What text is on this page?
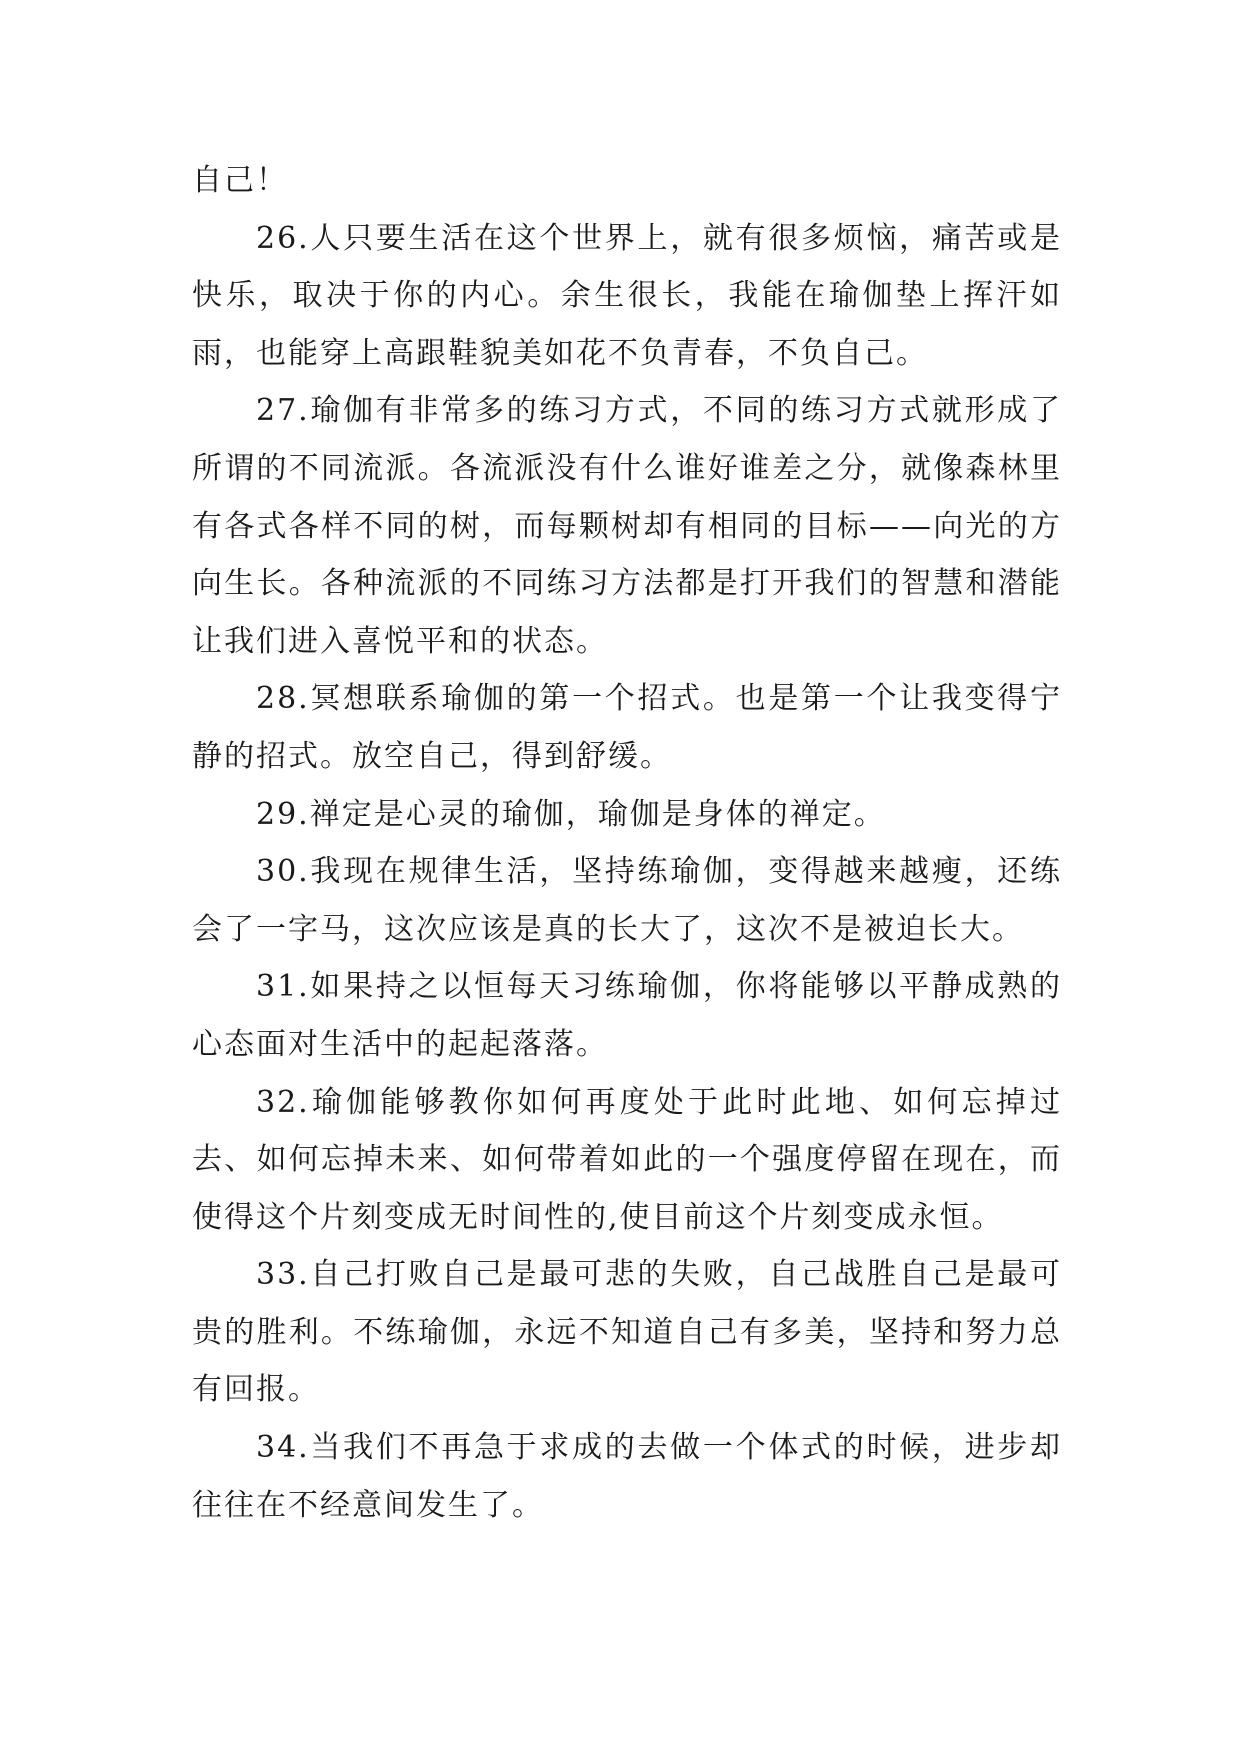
自己！

26.人只要生活在这个世界上，就有很多烦恼，痛苦或是快乐，取决于你的内心。余生很长，我能在瑜伽垫上挥汗如雨，也能穿上高跟鞋貌美如花不负青春，不负自己。

27.瑜伽有非常多的练习方式，不同的练习方式就形成了所谓的不同流派。各流派没有什么谁好谁差之分，就像森林里有各式各样不同的树，而每颗树却有相同的目标——向光的方向生长。各种流派的不同练习方法都是打开我们的智慧和潜能让我们进入喜悦平和的状态。

28.冥想联系瑜伽的第一个招式。也是第一个让我变得宁静的招式。放空自己，得到舒缓。

29.禅定是心灵的瑜伽，瑜伽是身体的禅定。

30.我现在规律生活，坚持练瑜伽，变得越来越瘦，还练会了一字马，这次应该是真的长大了，这次不是被迫长大。

31.如果持之以恒每天习练瑜伽，你将能够以平静成熟的心态面对生活中的起起落落。

32.瑜伽能够教你如何再度处于此时此地、如何忘掉过去、如何忘掉未来、如何带着如此的一个强度停留在现在，而使得这个片刻变成无时间性的,使目前这个片刻变成永恒。

33.自己打败自己是最可悲的失败，自己战胜自己是最可贵的胜利。不练瑜伽，永远不知道自己有多美，坚持和努力总有回报。

34.当我们不再急于求成的去做一个体式的时候，进步却往往在不经意间发生了。
